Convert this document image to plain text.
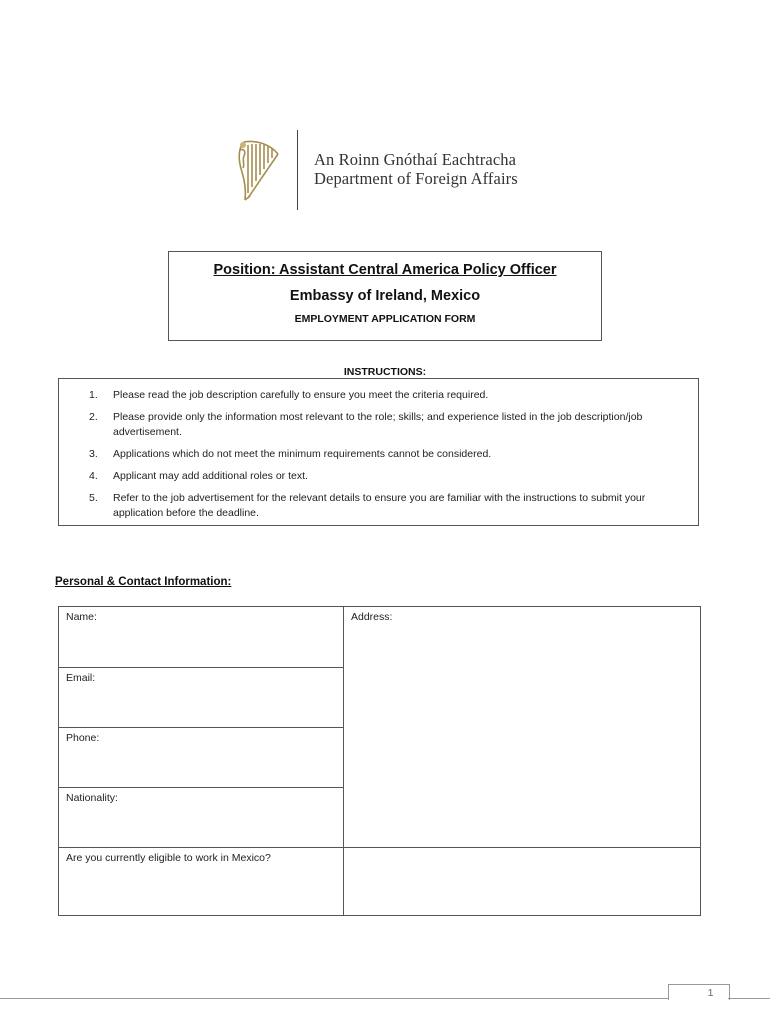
An Roinn Gnóthaí Eachtracha
Department of Foreign Affairs
Position: Assistant Central America Policy Officer
Embassy of Ireland, Mexico
EMPLOYMENT APPLICATION FORM
INSTRUCTIONS:
1. Please read the job description carefully to ensure you meet the criteria required.
2. Please provide only the information most relevant to the role; skills; and experience listed in the job description/job advertisement.
3. Applications which do not meet the minimum requirements cannot be considered.
4. Applicant may add additional roles or text.
5. Refer to the job advertisement for the relevant details to ensure you are familiar with the instructions to submit your application before the deadline.
Personal & Contact Information:
Name:	Address:
Email:
Phone:
Nationality:
Are you currently eligible to work in Mexico?
1
